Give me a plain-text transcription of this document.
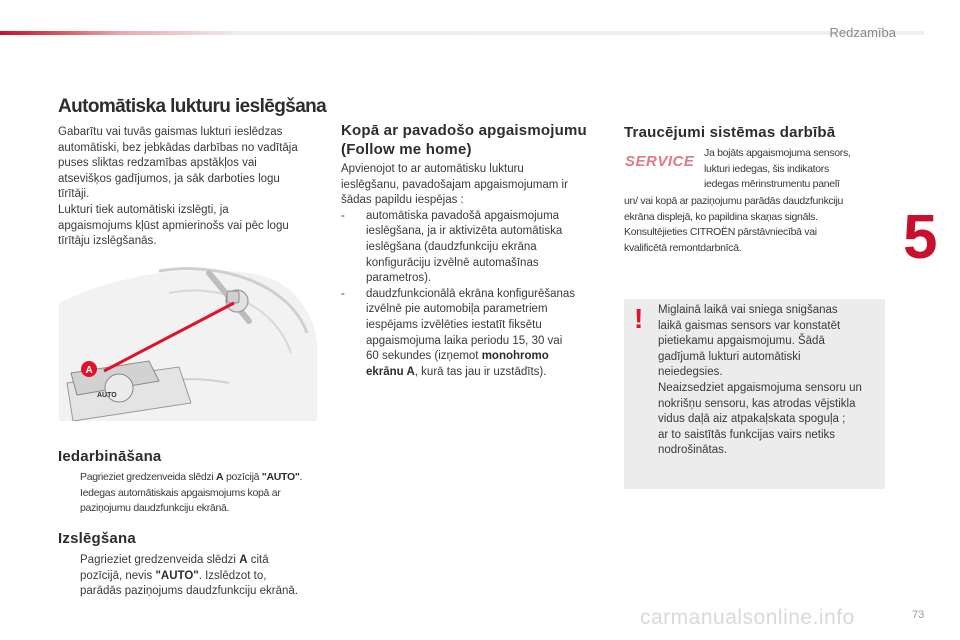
Redzamība
5
Automātiska lukturu ieslēgšana
Gabarītu vai tuvās gaismas lukturi ieslēdzas
automātiski, bez jebkādas darbības no vadītāja
puses sliktas redzamības apstākļos vai
atsevišķos gadījumos, ja sāk darboties logu
tīrītāji.
Lukturi tiek automātiski izslēgti, ja
apgaismojums kļūst apmierinošs vai pēc logu
tīrītāju izslēgšanās.
AUTO
A
Iedarbināšana
Pagrieziet gredzenveida slēdzi A pozīcijā "AUTO".
Iedegas automātiskais apgaismojums kopā ar
paziņojumu daudzfunkciju ekrānā.
Izslēgšana
Pagrieziet gredzenveida slēdzi A citā
pozīcijā, nevis "AUTO". Izslēdzot to,
parādās paziņojums daudzfunkciju ekrānā.
Kopā ar pavadošo apgaismojumu
(Follow me home)
Apvienojot to ar automātisku lukturu
ieslēgšanu, pavadošajam apgaismojumam ir
šādas papildu iespējas :
- automātiska pavadošā apgaismojuma
ieslēgšana, ja ir aktivizēta automātiska
ieslēgšana (daudzfunkciju ekrāna
konfigurāciju izvēlnē automašīnas
parametros).
- daudzfunkcionālā ekrāna konfigurēšanas
izvēlnē pie automobiļa parametriem
iespējams izvēlēties iestatīt fiksētu
apgaismojuma laika periodu 15, 30 vai
60 sekundes (izņemot monohromo
ekrānu A, kurā tas jau ir uzstādīts).
Traucējumi sistēmas darbībā
SERVICE Ja bojāts apgaismojuma sensors,
lukturi iedegas, šis indikators
iedegas mērinstrumentu panelī
un/ vai kopā ar paziņojumu parādās daudzfunkciju
ekrāna displejā, ko papildina skaņas signāls.
Konsultējieties CITROËN pārstāvniecībā vai
kvalificētā remontdarbnīcā.
! Miglainā laikā vai sniega snigšanas
laikā gaismas sensors var konstatēt
pietiekamu apgaismojumu. Šādā
gadījumā lukturi automātiski
neiedegsies.
Neaizsedziet apgaismojuma sensoru un
nokrišņu sensoru, kas atrodas vējstikla
vidus daļā aiz atpakaļskata spoguļa ;
ar to saistītās funkcijas vairs netiks
nodrošinātas.
carmanualsonline.info	73
